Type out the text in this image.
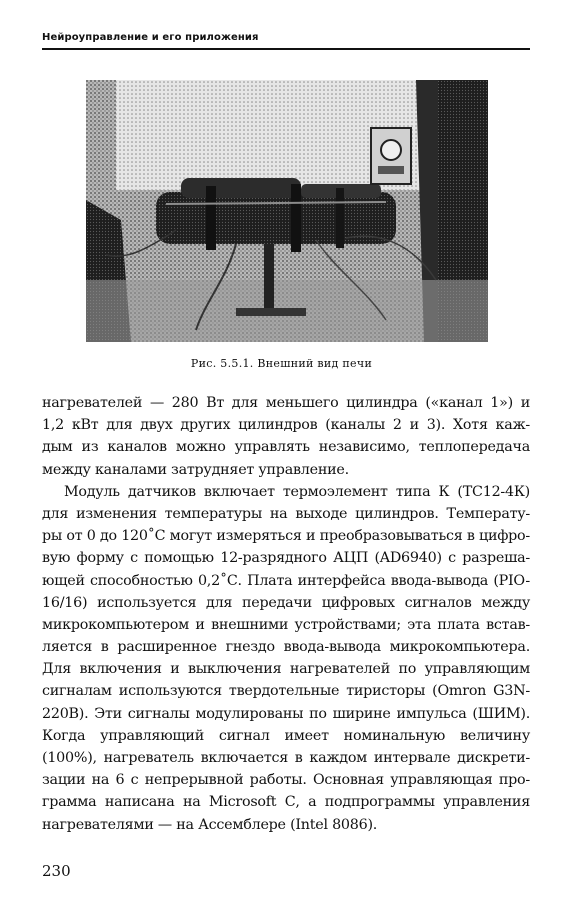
Нейроуправление и его приложения
Рис. 5.5.1. Внешний вид печи
нагревателей — 280 Вт для меньшего цилиндра («канал 1») и
1,2 кВт для двух других цилиндров (каналы 2 и 3). Хотя каж-
дым из каналов можно управлять независимо, теплопередача
между каналами затрудняет управление.
Модуль датчиков включает термоэлемент типа К (ТС12-4К)
для изменения температуры на выходе цилиндров. Температу-
ры от 0 до 120˚С могут измеряться и преобразовываться в цифро-
вую форму с помощью 12-разрядного АЦП (AD6940) с разреша-
ющей способностью 0,2˚С. Плата интерфейса ввода-вывода (PIO-
16/16) используется для передачи цифровых сигналов между
микрокомпьютером и внешними устройствами; эта плата встав-
ляется в расширенное гнездо ввода-вывода микрокомпьютера.
Для включения и выключения нагревателей по управляющим
сигналам используются твердотельные тиристоры (Omron G3N-
220В). Эти сигналы модулированы по ширине импульса (ШИМ).
Когда управляющий сигнал имеет номинальную величину
(100%), нагреватель включается в каждом интервале дискрети-
зации на 6 с непрерывной работы. Основная управляющая про-
грамма написана на Microsoft С, а подпрограммы управления
нагревателями — на Ассемблере (Intel 8086).
230
